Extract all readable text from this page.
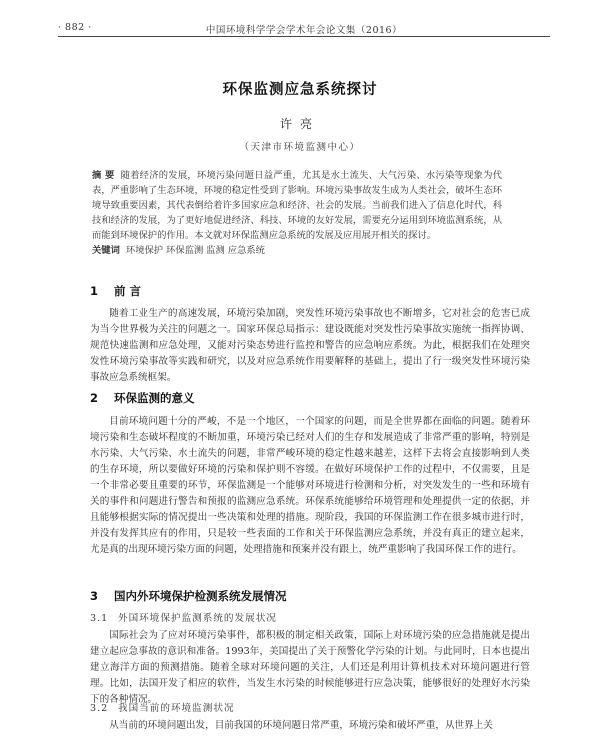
中国环境科学学会学术年会论文集（2016）
· 882 ·
环保监测应急系统探讨
许亮
（天津市环境监测中心）
摘 要 随着经济的发展，环境污染问题日益严重，尤其是水土流失、大气污染、水污染等现象为代表，严重影响了生态环境，环境的稳定性受到了影响。环境污染事故发生成为人类社会，破坏生态环境导致重要因素，其代表倒给着许多国家应急和经济、社会的发展。当前我们进入了信息化时代，科技和经济的发展，为了更好地促进经济、科技、环境的友好发展，需要充分运用到环境监测系统，从而能到环境保护的作用。本文就对环保监测应急系统的发展及应用展开相关的探讨。
关键词 环境保护 环保监测 监测 应急系统
1 前 言
随着工业生产的高速发展，环境污染加剧，突发性环境污染事故也不断增多，它对社会的危害已成为当今世界极为关注的问题之一。国家环保总局指示：建设既能对突发性污染事故实施统一指挥协调、规范快速监测和应急处理，又能对污染态势进行监控和警告的应急响应系统。为此，根据我们在处理突发性环境污染事故等实践和研究，以及对应急系统作用要解释的基础上，提出了行一级突发性环境污染事故应急系统框架。
2 环保监测的意义
目前环境问题十分的严峻，不是一个地区，一个国家的问题，而是全世界都在面临的问题。随着环境污染和生态破坏程度的不断加重，环境污染已经对人们的生存和发展造成了非常严重的影响，特别是水污染、大气污染、水土流失的问题，非常严峻环境的稳定性越来越差，这样下去将会直接影响到人类的生存环境，所以要做好环境的污染和保护则不容缓。在做好环境保护工作的过程中，不仅需要，且是一个非常必要且重要的环节，环保监测是一个能够对环境进行检测和分析，对突发发生的一些和环境有关的事件和问题进行警告和预报的监测应急系统。环保系统能够给环境管理和处理提供一定的依据，并且能够根据实际的情况提出一些决策和处理的措施。现阶段，我国的环保监测工作在很多城市进行时，并没有发挥其应有的作用，只是较一些表面的工作和关于环保监测应急系统，并没有真正的建立起来，尤是真的出现环境污染方面的问题，处理措施和预案并没有跟上，统严重影响了我国环保工作的进行。
3 国内外环境保护检测系统发展情况
3.1 外国环境保护监测系统的发展状况
国际社会为了应对环境污染事件，都积极的制定相关政策，国际上对环境污染的应急措施就是提出建立起应急事故的意识和准备。1993年，美国提出了关于预警化学污染的计划。与此同时，日本也提出建立海洋方面的预测措施。随着全球对环境问题的关注，人们还是利用计算机技术对环境问题进行管理。比如，法国开发了相应的软件，当发生水污染的时候能够进行应急决策，能够很好的处理好水污染下的各种情况。
3.2 我国当前的环境监测状况
从当前的环境问题出发，目前我国的环境问题日常严重，环境污染和破坏严重，从世界上关
